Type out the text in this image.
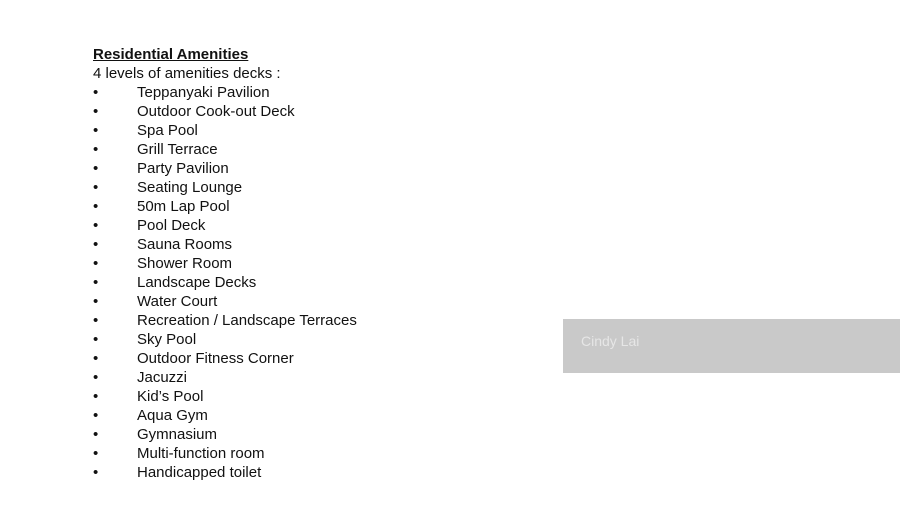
Residential Amenities

4 levels of amenities decks :

•	Teppanyaki Pavilion
•	Outdoor Cook-out Deck
•	Spa Pool
•	Grill Terrace
•	Party Pavilion
•	Seating Lounge
•	50m Lap Pool
•	Pool Deck
•	Sauna Rooms
•	Shower Room
•	Landscape Decks
•	Water Court
•	Recreation / Landscape Terraces
•	Sky Pool
•	Outdoor Fitness Corner
•	Jacuzzi
•	Kid’s Pool
•	Aqua Gym
•	Gymnasium
•	Multi-function room
•	Handicapped toilet
Cindy Lai
